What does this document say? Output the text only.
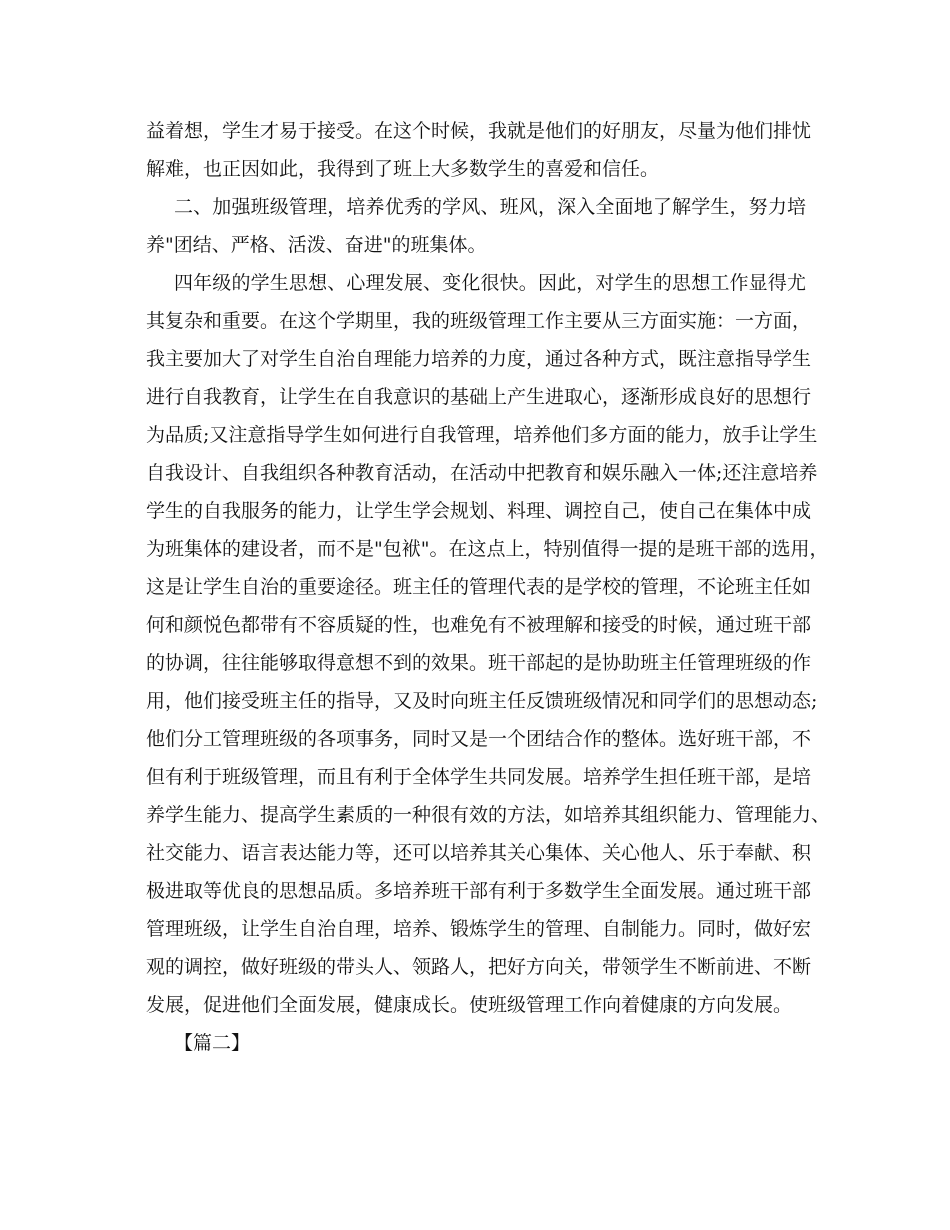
益着想，学生才易于接受。在这个时候，我就是他们的好朋友，尽量为他们排忧
解难，也正因如此，我得到了班上大多数学生的喜爱和信任。
二、加强班级管理，培养优秀的学风、班风，深入全面地了解学生，努力培
养"团结、严格、活泼、奋进"的班集体。
四年级的学生思想、心理发展、变化很快。因此，对学生的思想工作显得尤
其复杂和重要。在这个学期里，我的班级管理工作主要从三方面实施：一方面，
我主要加大了对学生自治自理能力培养的力度，通过各种方式，既注意指导学生
进行自我教育，让学生在自我意识的基础上产生进取心，逐渐形成良好的思想行
为品质;又注意指导学生如何进行自我管理，培养他们多方面的能力，放手让学生
自我设计、自我组织各种教育活动，在活动中把教育和娱乐融入一体;还注意培养
学生的自我服务的能力，让学生学会规划、料理、调控自己，使自己在集体中成
为班集体的建设者，而不是"包袱"。在这点上，特别值得一提的是班干部的选用，
这是让学生自治的重要途径。班主任的管理代表的是学校的管理，不论班主任如
何和颜悦色都带有不容质疑的性，也难免有不被理解和接受的时候，通过班干部
的协调，往往能够取得意想不到的效果。班干部起的是协助班主任管理班级的作
用，他们接受班主任的指导，又及时向班主任反馈班级情况和同学们的思想动态;
他们分工管理班级的各项事务，同时又是一个团结合作的整体。选好班干部，不
但有利于班级管理，而且有利于全体学生共同发展。培养学生担任班干部，是培
养学生能力、提高学生素质的一种很有效的方法，如培养其组织能力、管理能力、
社交能力、语言表达能力等，还可以培养其关心集体、关心他人、乐于奉献、积
极进取等优良的思想品质。多培养班干部有利于多数学生全面发展。通过班干部
管理班级，让学生自治自理，培养、锻炼学生的管理、自制能力。同时，做好宏
观的调控，做好班级的带头人、领路人，把好方向关，带领学生不断前进、不断
发展，促进他们全面发展，健康成长。使班级管理工作向着健康的方向发展。
【篇二】
